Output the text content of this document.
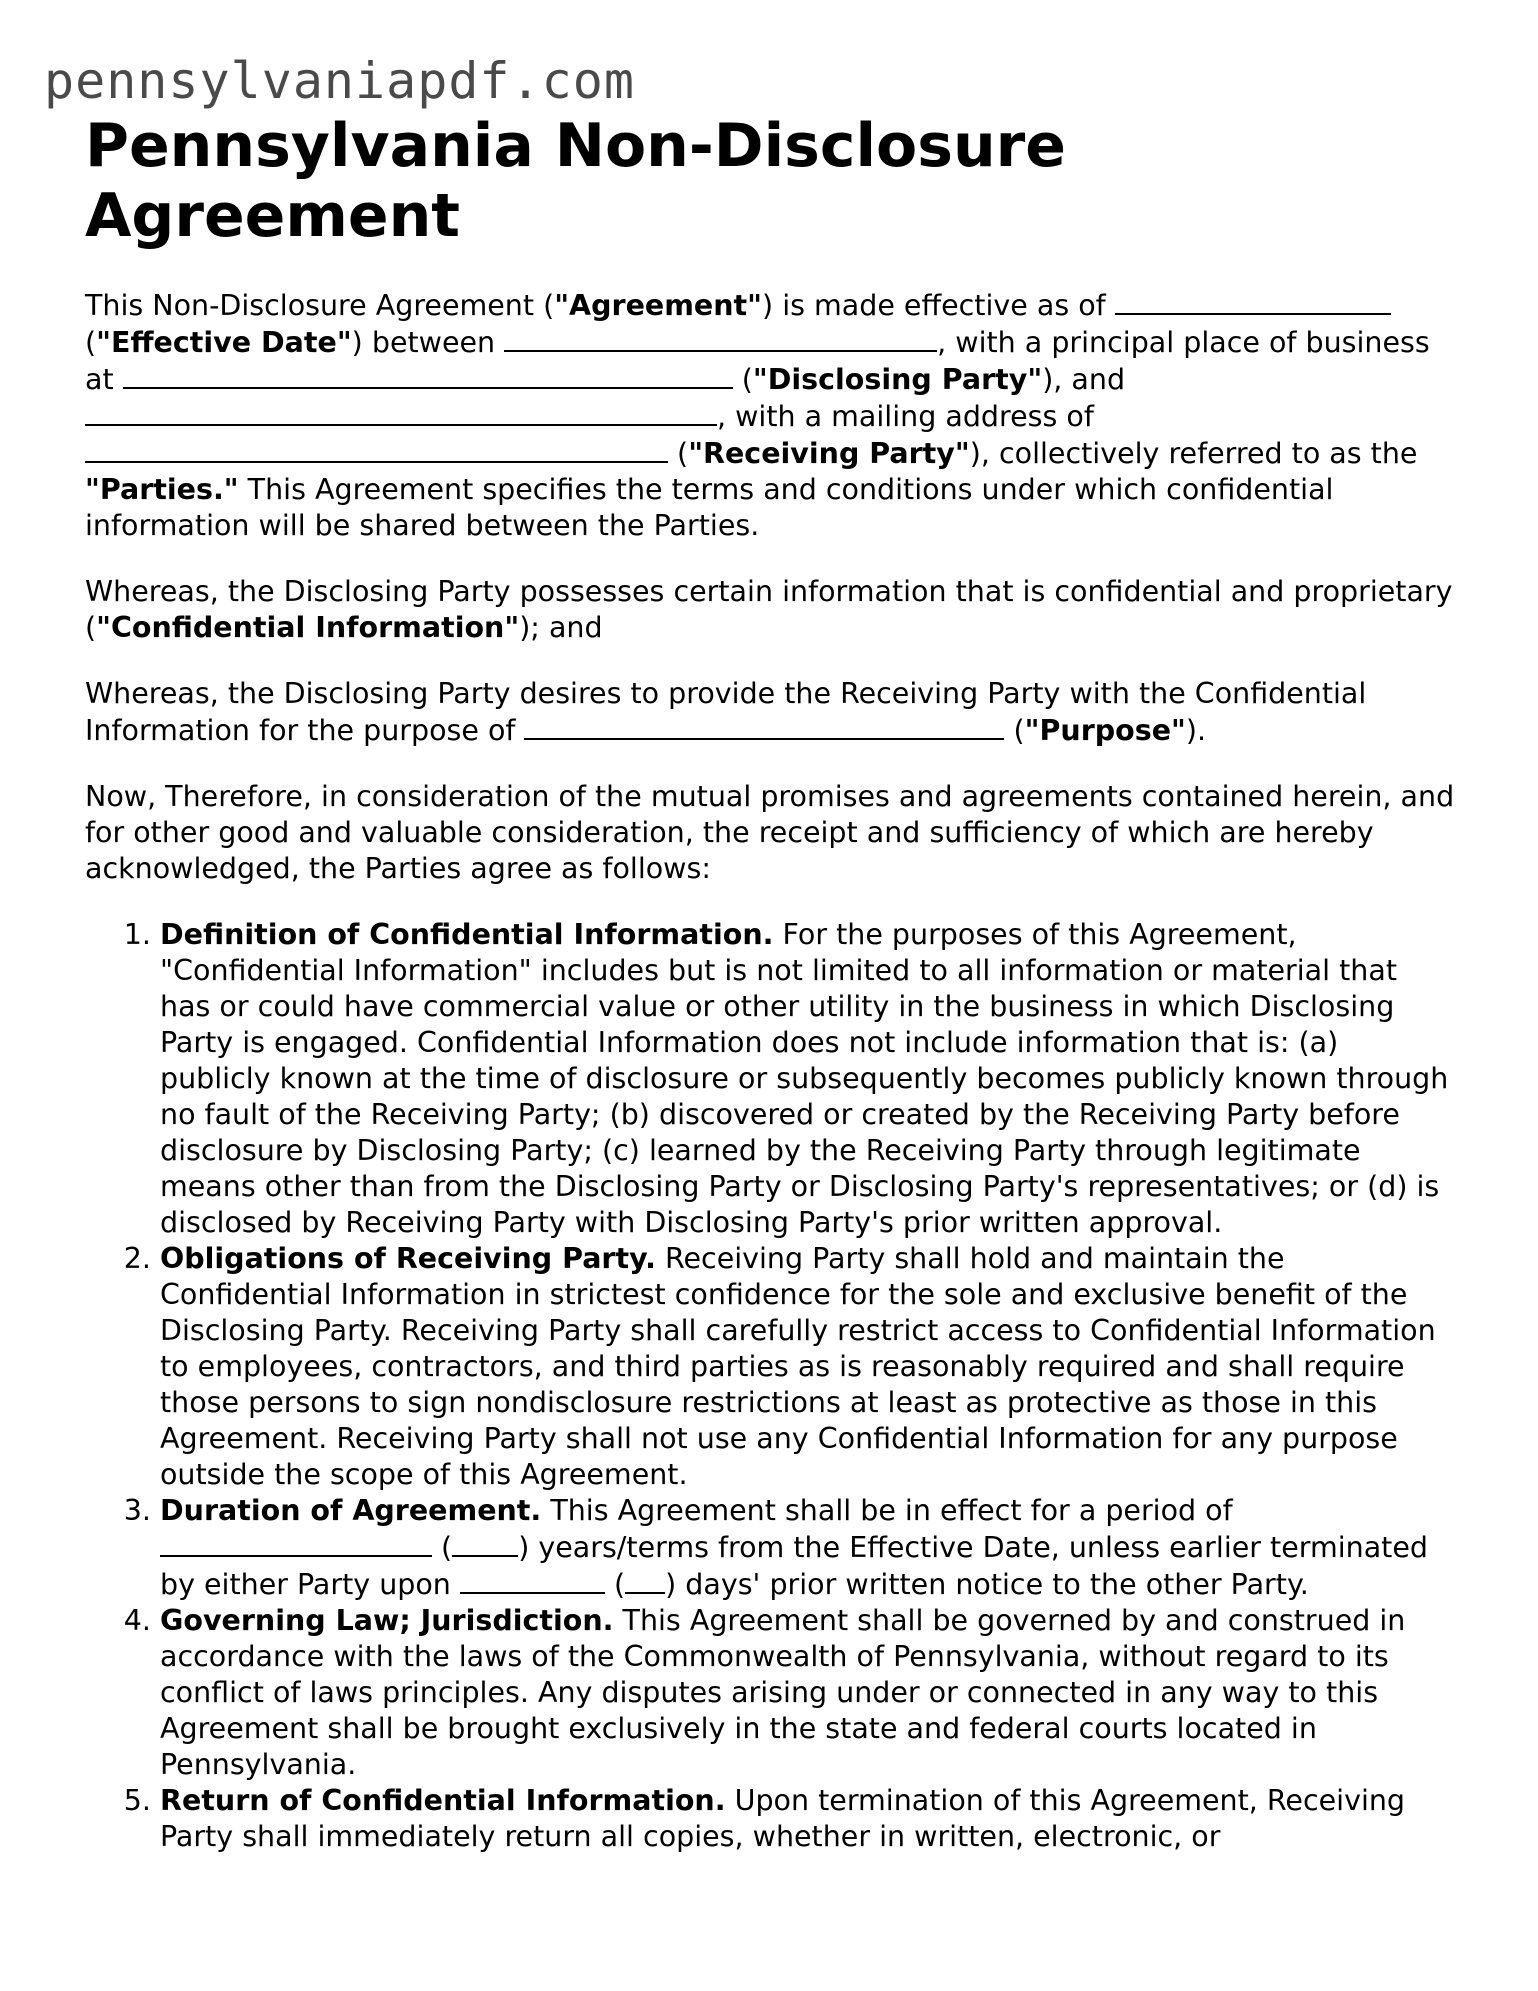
pennsylvaniapdf.com
Pennsylvania Non-Disclosure Agreement

This Non-Disclosure Agreement ("Agreement") is made effective as of
("Effective Date") between	, with a principal place of business at	("Disclosing Party"), and , with a mailing address of  ("Receiving Party"), collectively referred to as the "Parties." This Agreement specifies the terms and conditions under which confidential information will be shared between the Parties.

Whereas, the Disclosing Party possesses certain information that is confidential and proprietary ("Confidential Information"); and

Whereas, the Disclosing Party desires to provide the Receiving Party with the Confidential Information for the purpose of	("Purpose").

Now, Therefore, in consideration of the mutual promises and agreements contained herein, and for other good and valuable consideration, the receipt and sufficiency of which are hereby acknowledged, the Parties agree as follows:

1. Definition of Confidential Information. For the purposes of this Agreement, "Confidential Information" includes but is not limited to all information or material that has or could have commercial value or other utility in the business in which Disclosing Party is engaged. Confidential Information does not include information that is: (a) publicly known at the time of disclosure or subsequently becomes publicly known through no fault of the Receiving Party; (b) discovered or created by the Receiving Party before disclosure by Disclosing Party; (c) learned by the Receiving Party through legitimate means other than from the Disclosing Party or Disclosing Party's representatives; or (d) is disclosed by Receiving Party with Disclosing Party's prior written approval.
2. Obligations of Receiving Party. Receiving Party shall hold and maintain the Confidential Information in strictest confidence for the sole and exclusive benefit of the Disclosing Party. Receiving Party shall carefully restrict access to Confidential Information to employees, contractors, and third parties as is reasonably required and shall require those persons to sign nondisclosure restrictions at least as protective as those in this Agreement. Receiving Party shall not use any Confidential Information for any purpose outside the scope of this Agreement.
3. Duration of Agreement. This Agreement shall be in effect for a period of  ( ) years/terms from the Effective Date, unless earlier terminated by either Party upon	( ) days' prior written notice to the other Party.
4. Governing Law; Jurisdiction. This Agreement shall be governed by and construed in accordance with the laws of the Commonwealth of Pennsylvania, without regard to its conflict of laws principles. Any disputes arising under or connected in any way to this Agreement shall be brought exclusively in the state and federal courts located in Pennsylvania.
5. Return of Confidential Information. Upon termination of this Agreement, Receiving Party shall immediately return all copies, whether in written, electronic, or
